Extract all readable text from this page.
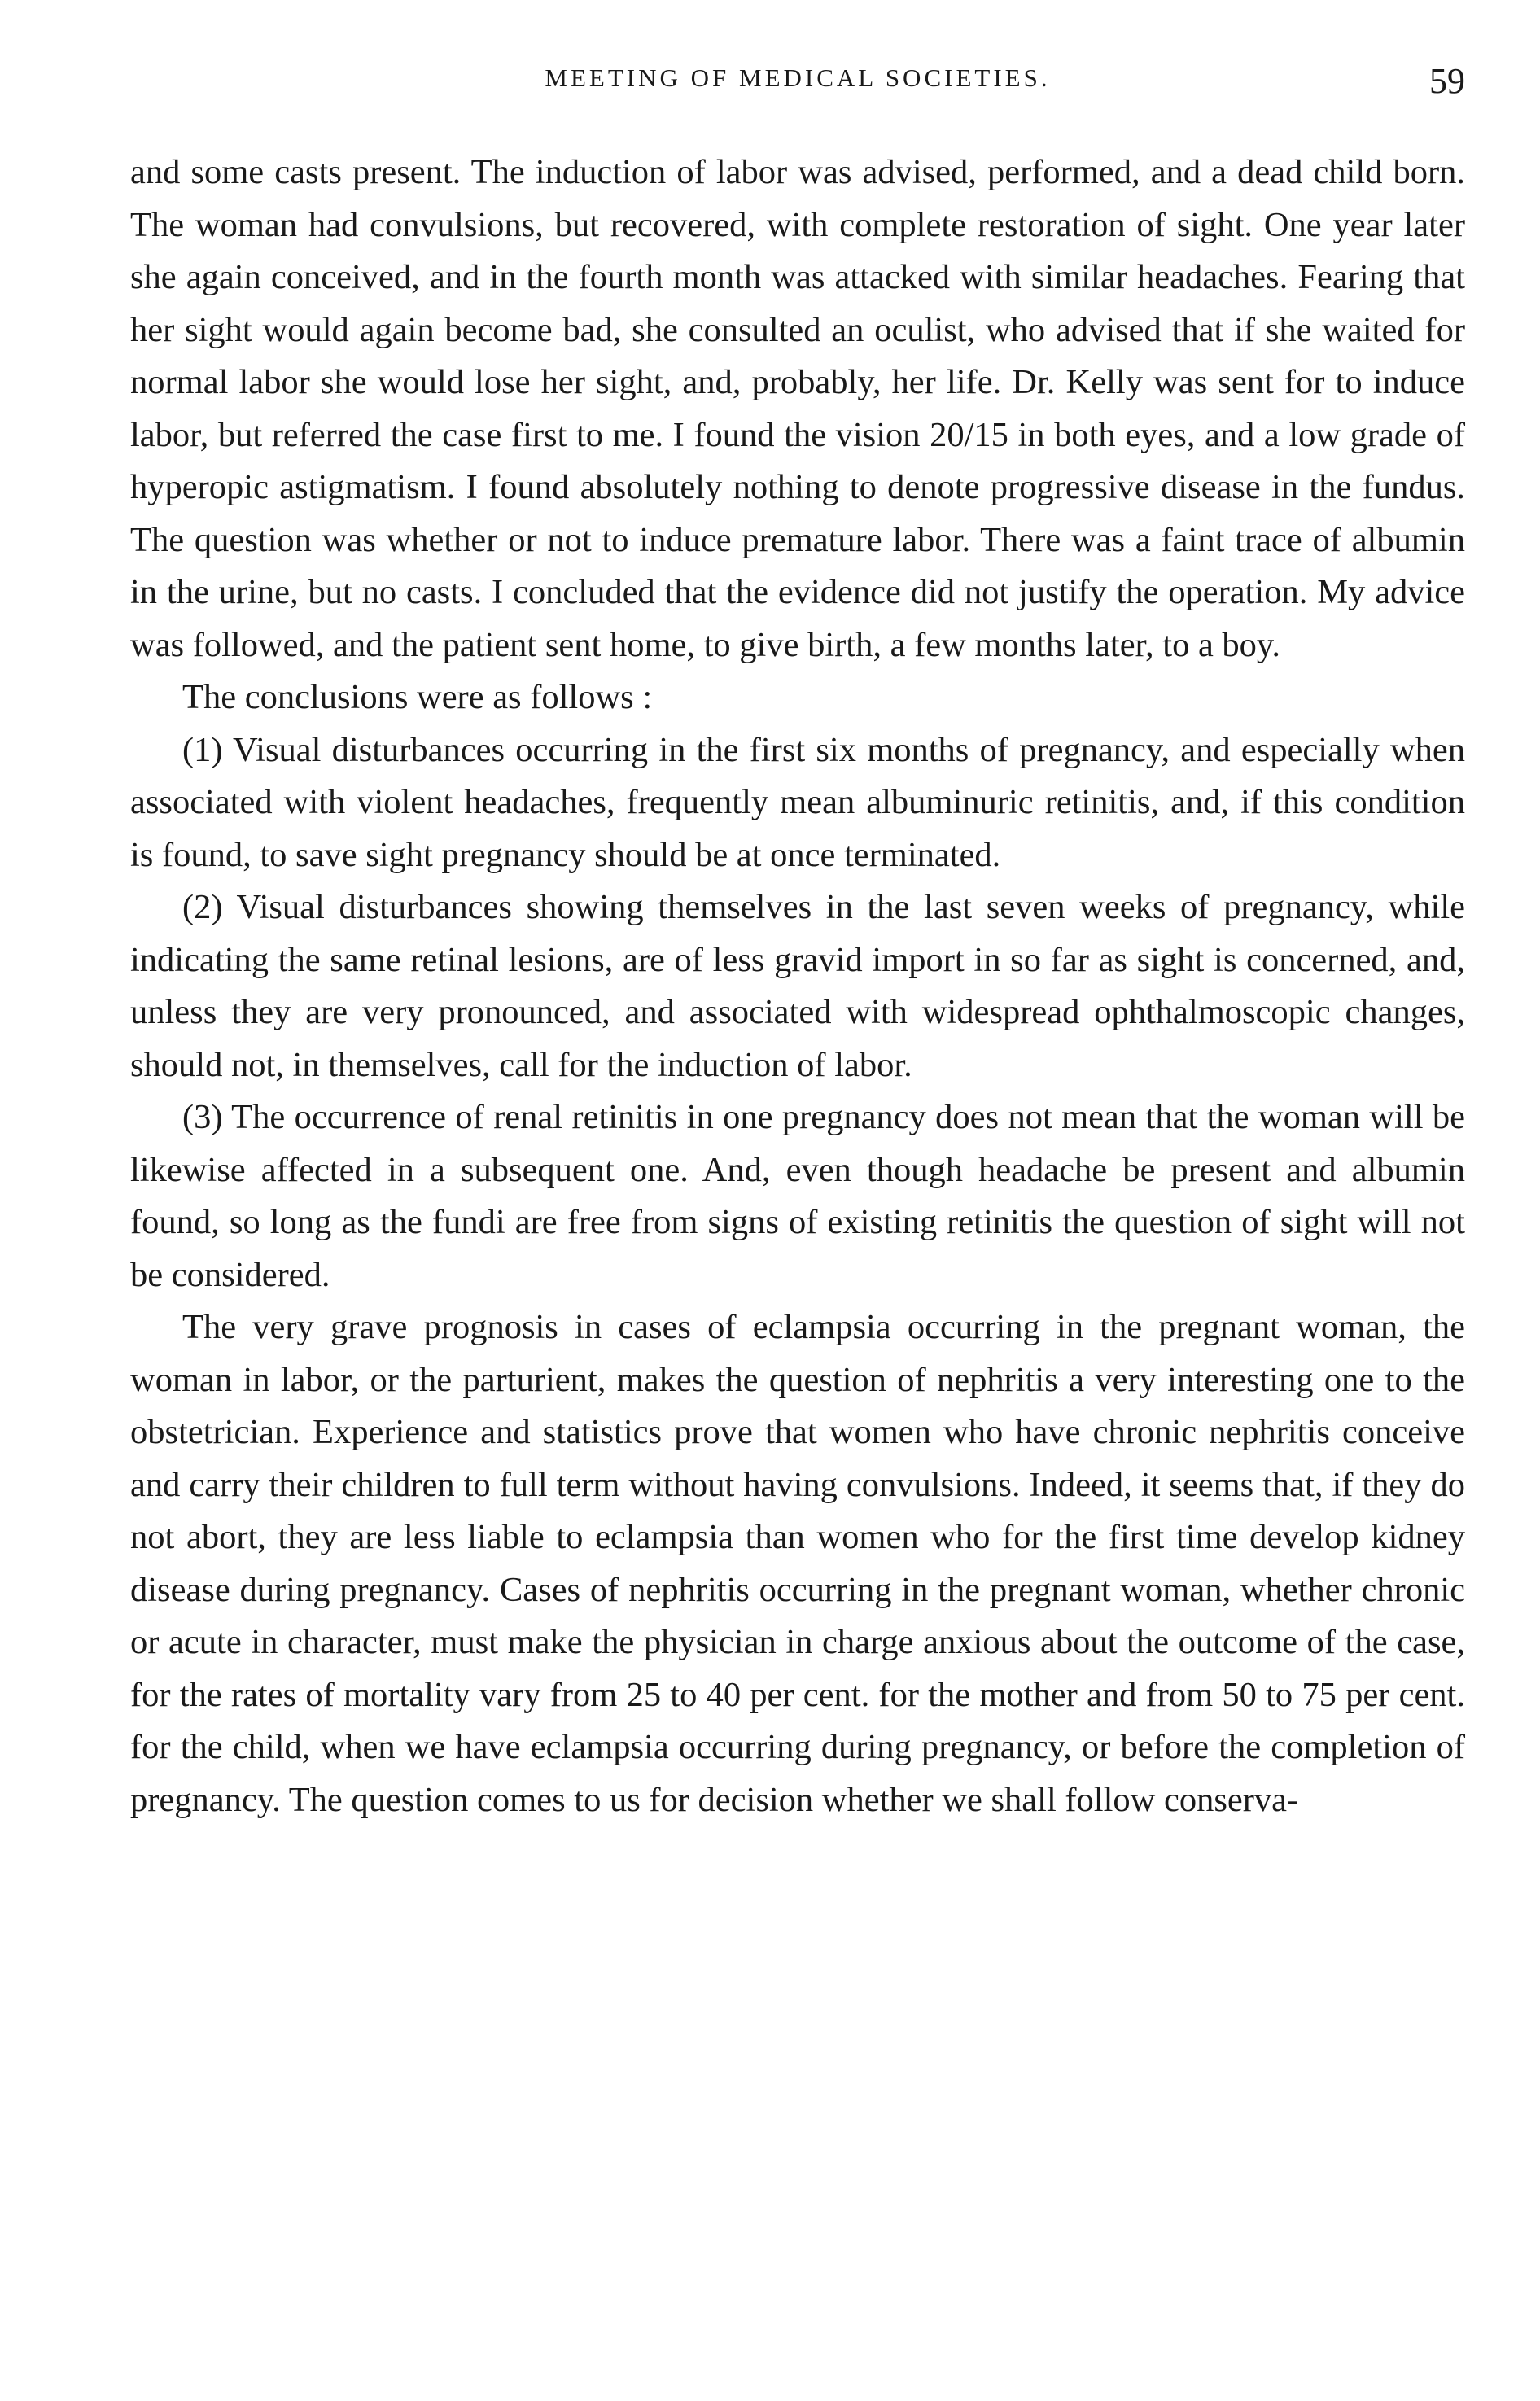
MEETING OF MEDICAL SOCIETIES.	59

and some casts present. The induction of labor was advised, performed, and a dead child born. The woman had convulsions, but recovered, with complete restoration of sight. One year later she again conceived, and in the fourth month was attacked with similar headaches. Fearing that her sight would again become bad, she consulted an oculist, who advised that if she waited for normal labor she would lose her sight, and, probably, her life. Dr. Kelly was sent for to induce labor, but referred the case first to me. I found the vision 20/15 in both eyes, and a low grade of hyperopic astigmatism. I found absolutely nothing to denote progressive disease in the fundus. The question was whether or not to induce premature labor. There was a faint trace of albumin in the urine, but no casts. I concluded that the evidence did not justify the operation. My advice was followed, and the patient sent home, to give birth, a few months later, to a boy.

The conclusions were as follows :

(1) Visual disturbances occurring in the first six months of pregnancy, and especially when associated with violent headaches, frequently mean albuminuric retinitis, and, if this condition is found, to save sight pregnancy should be at once terminated.

(2) Visual disturbances showing themselves in the last seven weeks of pregnancy, while indicating the same retinal lesions, are of less gravid import in so far as sight is concerned, and, unless they are very pronounced, and associated with widespread ophthalmoscopic changes, should not, in themselves, call for the induction of labor.

(3) The occurrence of renal retinitis in one pregnancy does not mean that the woman will be likewise affected in a subsequent one. And, even though headache be present and albumin found, so long as the fundi are free from signs of existing retinitis the question of sight will not be considered.

The very grave prognosis in cases of eclampsia occurring in the pregnant woman, the woman in labor, or the parturient, makes the question of nephritis a very interesting one to the obstetrician. Experience and statistics prove that women who have chronic nephritis conceive and carry their children to full term without having convulsions. Indeed, it seems that, if they do not abort, they are less liable to eclampsia than women who for the first time develop kidney disease during pregnancy. Cases of nephritis occurring in the pregnant woman, whether chronic or acute in character, must make the physician in charge anxious about the outcome of the case, for the rates of mortality vary from 25 to 40 per cent. for the mother and from 50 to 75 per cent. for the child, when we have eclampsia occurring during pregnancy, or before the completion of pregnancy. The question comes to us for decision whether we shall follow conserva-
